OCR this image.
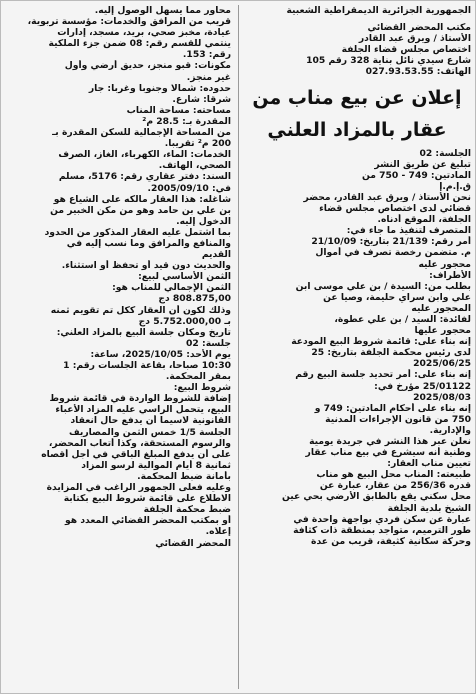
الجمهورية الجزائرية الديمقراطية الشعبية

مكتب المحضر القضائي

الأستاذ / ويرق عبد القادر

اختصاص مجلس قضاء الجلفة

شارع سيدي نائل بناية 328 رقم 105

الهاتف: 027.93.53.55

إعلان عن بيع مناب من
عقار بالمزاد العلني

الجلسة: 02

تبليغ عن طريق النشر

المادتين: 749 - 750 من

ق.إ.م.إ

نحن الأستاذ / ويرق عبد القادر، محضر

قضائي لدى اختصاص مجلس قضاء

الجلفة، الموقع أدناه.

المتصرف لتنفيذ ما جاء في:

أمر رقم: 21/139 بتاريخ: 21/10/09

م. متضمن رخصة تصرف في أموال

محجور عليه

الأطراف:

بطلب من: السيدة / بن علي موسى ابن

علي وابن سراي حليمة، وصيا عن

المحجور عليه

لفائدة: السيد / بن علي عطوة،

محجور عليها

إنه بناء على: قائمة شروط البيع المودعة

لدى رئيس محكمة الجلفة بتاريخ: 25

2025/06/25

إنه بناء على: أمر تحديد جلسة البيع رقم

25/01122 مؤرخ في:

2025/08/03

إنه بناء على أحكام المادتين: 749 و

750 من قانون الإجراءات المدنية

والإدارية.

نعلن عبر هذا النشر في جريدة يومية

وطنية أنه سيشرع في بيع مناب عقار

تعيين مناب العقار:

طبيعته: المناب محل البيع هو مناب

قدره 256/36 من عقار، عبارة عن

محل سكني يقع بالطابق الأرضي بحي عين

الشيخ بلدية الجلفة

عبارة عن سكن فردي بواجهة واحدة في

طور الترميم، متواجد بمنطقة ذات كثافة

وحركة سكانية كثيفة، قريب من عدة

محاور مما يسهل الوصول إليه.

قريب من المرافق والخدمات: مؤسسة تربوية،

عيادة، مخبز صحي، بريد، مسجد، إدارات

ينتمي للقسم رقم: 08 ضمن جزء الملكية

رقم: 153.

مكونات: قبو منجز، حديق أرضي وأول

غير منجز.

حدوده: شمالا وجنوبا وغربا: جار

شرقا: شارع.

مساحته: مساحة المناب

المقدرة بـ: 28.5 م²

من المساحة الإجمالية للسكن المقدرة بـ

200 م² تقريبا.

الخدمات: الماء، الكهرباء، الغاز، الصرف

الصحي، الهاتف.

السند: دفتر عقاري رقم: 5176، مسلم

في: 2005/09/10.

شاغله: هذا العقار مالكه على الشياع هو

بن علي بن حامد وهو من مكن الخبير من

الدخول إليه.

بما اشتمل عليه العقار المذكور من الحدود

والمنافع والمرافق وما نسب إليه في

القديم

والحديث دون قيد أو تحفظ أو استثناء.

الثمن الأساسي لبيع:

الثمن الإجمالي للمناب هو:

808.875,00 دج

وذلك لكون أن العقار ككل تم تقويم ثمنه

بـ 5.752.000,00 دج

تاريخ ومكان جلسة البيع بالمزاد العلني:

جلسة: 02

يوم الأحد: 2025/10/05، ساعة:

10:30 صباحا، بقاعة الجلسات رقم: 1

بمقر المحكمة.

شروط البيع:

إضافة للشروط الواردة في قائمة شروط

البيع، يتحمل الراسي عليه المزاد الأعباء

القانونية لاسيما أن يدفع حال انعقاد

الجلسة 1/5 خمس الثمن والمصاريف

والرسوم المستحقة، وكذا أتعاب المحضر،

على أن يدفع المبلغ الباقي في أجل أقصاه

ثمانية 8 أيام الموالية لرسو المزاد

بأمانة ضبط المحكمة.

وعليه فعلى الجمهور الراغب في المزايدة

الاطلاع على قائمة شروط البيع بكتابة

ضبط محكمة الجلفة

أو بمكتب المحضر القضائي المعدد هو

إعلاه.

المحضر القضائي
